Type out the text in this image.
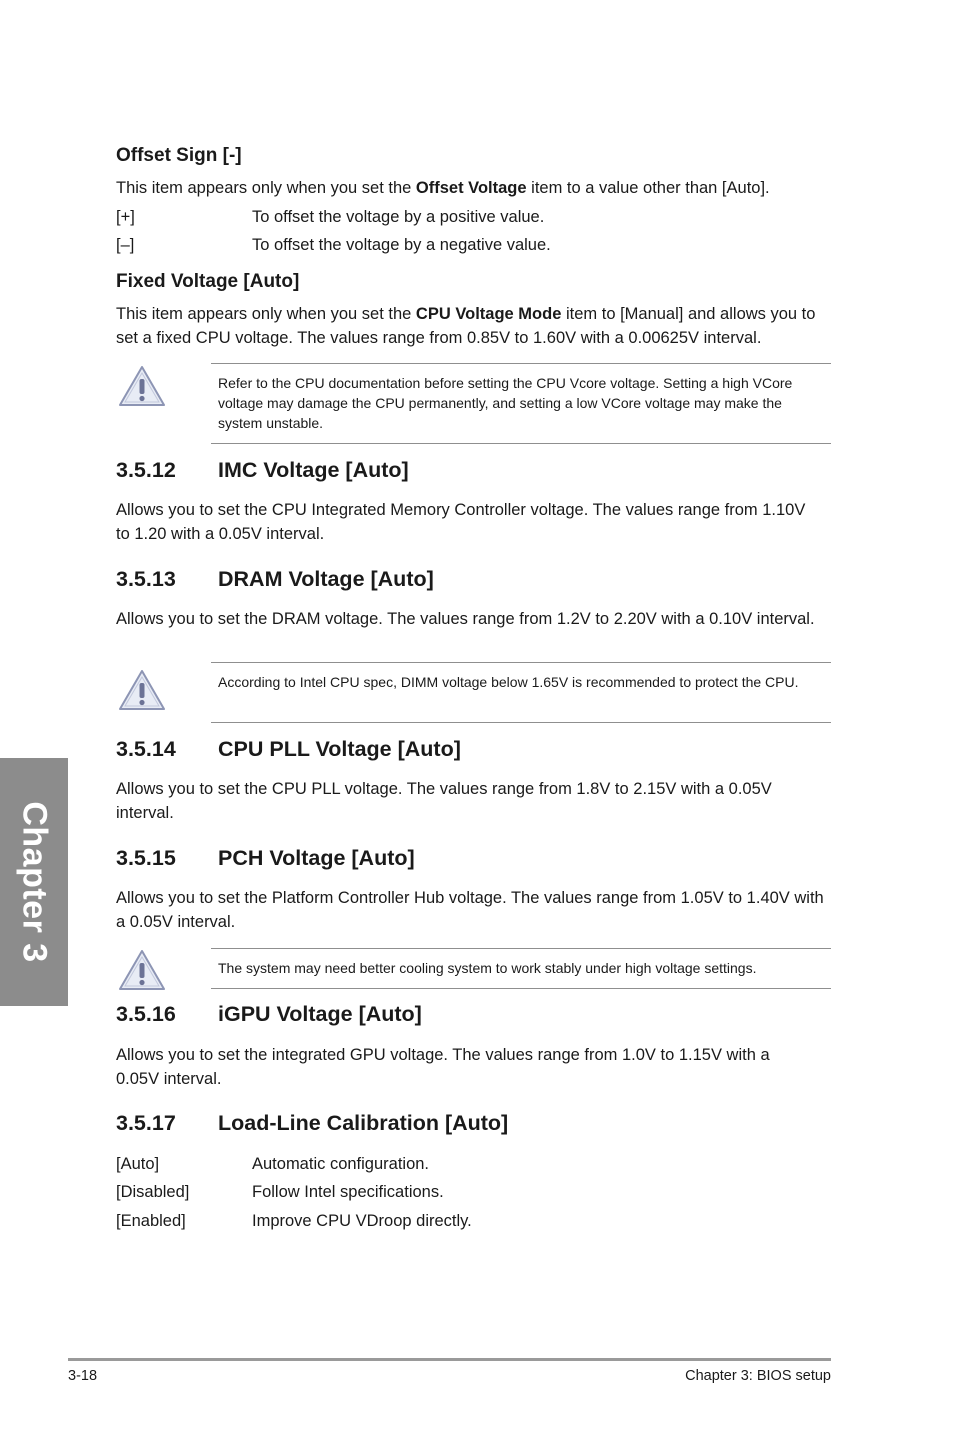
Chapter 3
Offset Sign [-]

This item appears only when you set the Offset Voltage item to a value other than [Auto].

[+]	To offset the voltage by a positive value.
[–]	To offset the voltage by a negative value.
Fixed Voltage [Auto]

This item appears only when you set the CPU Voltage Mode item to [Manual] and allows you to set a fixed CPU voltage. The values range from 0.85V to 1.60V with a 0.00625V interval.

3.5.12 IMC Voltage [Auto]

Allows you to set the CPU Integrated Memory Controller voltage. The values range from 1.10V to 1.20 with a 0.05V interval.

3.5.13 DRAM Voltage [Auto]

Allows you to set the DRAM voltage. The values range from 1.2V to 2.20V with a 0.10V interval.

3.5.14 CPU PLL Voltage [Auto]

Allows you to set the CPU PLL voltage. The values range from 1.8V to 2.15V with a 0.05V interval.

3.5.15 PCH Voltage [Auto]

Allows you to set the Platform Controller Hub voltage. The values range from 1.05V to 1.40V with a 0.05V interval.

3.5.16 iGPU Voltage [Auto]

Allows you to set the integrated GPU voltage. The values range from 1.0V to 1.15V with a 0.05V interval.

3.5.17 Load-Line Calibration [Auto]
[Auto]	Automatic configuration.
[Disabled]	Follow Intel specifications.
[Enabled]	Improve CPU VDroop directly.
Refer to the CPU documentation before setting the CPU Vcore voltage. Setting a high VCore voltage may damage the CPU permanently, and setting a low VCore voltage may make the system unstable.
According to Intel CPU spec, DIMM voltage below 1.65V is recommended to protect the CPU.
The system may need better cooling system to work stably under high voltage settings.
3-18	Chapter 3: BIOS setup
